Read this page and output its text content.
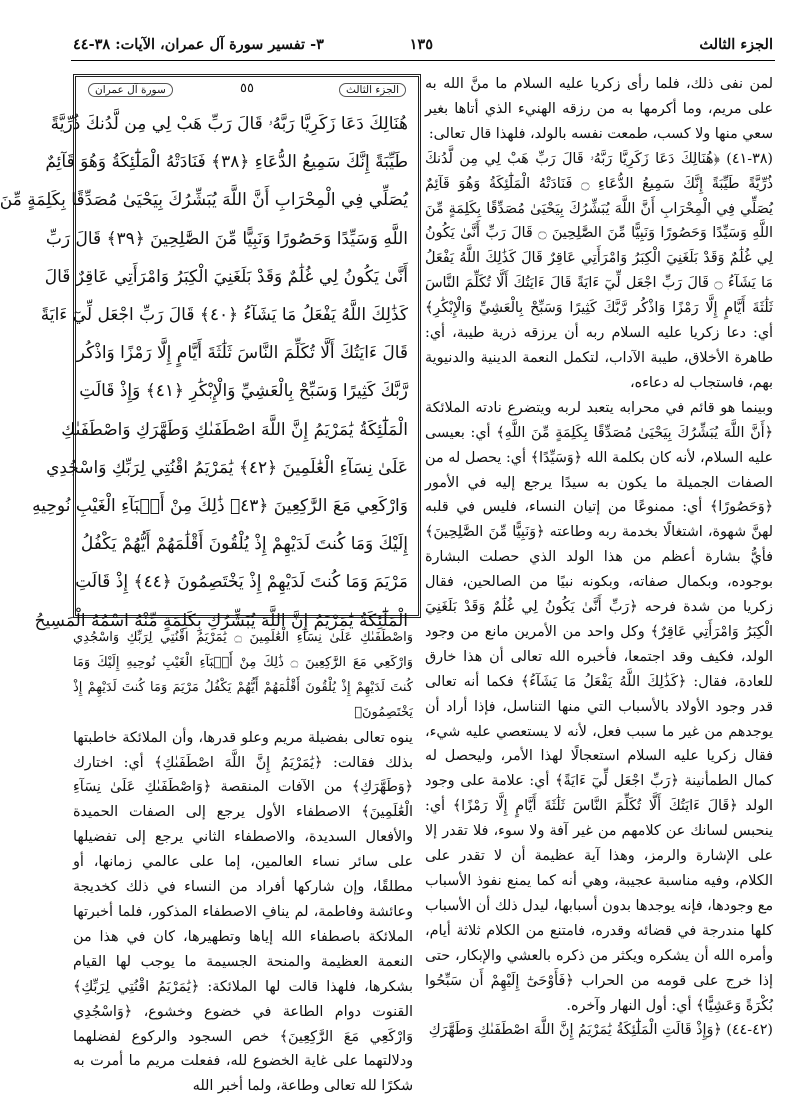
الجزء الثالث
١٣٥
٣- تفسير سورة آل عمران، الآيات: ٣٨-٤٤

لمن نفى ذلك، فلما رأى زكريا عليه السلام ما منَّ الله به على مريم، وما أكرمها به من رزقه الهنيء الذي أتاها بغير سعي منها ولا كسب، طمعت نفسه بالولد، فلهذا قال تعالى:

(٣٨-٤١) ﴿هُنَالِكَ دَعَا زَكَرِيَّا رَبَّهُۥ قَالَ رَبِّ هَبْ لِي مِن لَّدُنكَ ذُرِّيَّةً طَيِّبَةً إِنَّكَ سَمِيعُ الدُّعَاءِ ۝ فَنَادَتْهُ الْمَلَٰٓئِكَةُ وَهُوَ قَآئِمٌ يُصَلِّي فِي الْمِحْرَابِ أَنَّ اللَّهَ يُبَشِّرُكَ بِيَحْيَىٰ مُصَدِّقًا بِكَلِمَةٍ مِّنَ اللَّهِ وَسَيِّدًا وَحَصُورًا وَنَبِيًّا مِّنَ الصَّٰلِحِينَ ۝ قَالَ رَبِّ أَنَّىٰ يَكُونُ لِي غُلَٰمٌ وَقَدْ بَلَغَنِيَ الْكِبَرُ وَامْرَأَتِي عَاقِرٌ قَالَ كَذَٰلِكَ اللَّهُ يَفْعَلُ مَا يَشَآءُ ۝ قَالَ رَبِّ اجْعَل لِّيٓ ءَايَةً قَالَ ءَايَتُكَ أَلَّا تُكَلِّمَ النَّاسَ ثَلَٰثَةَ أَيَّامٍ إِلَّا رَمْزًا وَاذْكُر رَّبَّكَ كَثِيرًا وَسَبِّحْ بِالْعَشِيِّ وَالْإِبْكَٰرِ﴾ أي: دعا زكريا عليه السلام ربه أن يرزقه ذرية طيبة، أي: طاهرة الأخلاق، طيبة الآداب، لتكمل النعمة الدينية والدنيوية بهم، فاستجاب له دعاءه،

وبينما هو قائم في محرابه يتعبد لربه ويتضرع نادته الملائكة ﴿أَنَّ اللَّهَ يُبَشِّرُكَ بِيَحْيَىٰ مُصَدِّقًا بِكَلِمَةٍ مِّنَ اللَّهِ﴾ أي: بعيسى عليه السلام، لأنه كان بكلمة الله ﴿وَسَيِّدًا﴾ أي: يحصل له من الصفات الجميلة ما يكون به سيدًا يرجع إليه في الأمور ﴿وَحَصُورًا﴾ أي: ممنوعًا من إتيان النساء، فليس في قلبه لهنَّ شهوة، اشتغالًا بخدمة ربه وطاعته ﴿وَنَبِيًّا مِّنَ الصَّٰلِحِينَ﴾ فأيُّ بشارة أعظم من هذا الولد الذي حصلت البشارة بوجوده، وبكمال صفاته، وبكونه نبيًا من الصالحين، فقال زكريا من شدة فرحه ﴿رَبِّ أَنَّىٰ يَكُونُ لِي غُلَٰمٌ وَقَدْ بَلَغَنِيَ الْكِبَرُ وَامْرَأَتِي عَاقِرٌ﴾ وكل واحد من الأمرين مانع من وجود الولد، فكيف وقد اجتمعا، فأخبره الله تعالى أن هذا خارق للعادة، فقال: ﴿كَذَٰلِكَ اللَّهُ يَفْعَلُ مَا يَشَآءُ﴾ فكما أنه تعالى قدر وجود الأولاد بالأسباب التي منها التناسل، فإذا أراد أن يوجدهم من غير ما سبب فعل، لأنه لا يستعصي عليه شيء، فقال زكريا عليه السلام استعجالًا لهذا الأمر، وليحصل له كمال الطمأنينة ﴿رَبِّ اجْعَل لِّيٓ ءَايَةً﴾ أي: علامة على وجود الولد ﴿قَالَ ءَايَتُكَ أَلَّا تُكَلِّمَ النَّاسَ ثَلَٰثَةَ أَيَّامٍ إِلَّا رَمْزًا﴾ أي: ينحبس لسانك عن كلامهم من غير آفة ولا سوء، فلا تقدر إلا على الإشارة والرمز، وهذا آية عظيمة أن لا تقدر على الكلام، وفيه مناسبة عجيبة، وهي أنه كما يمنع نفوذ الأسباب مع وجودها، فإنه يوجدها بدون أسبابها، ليدل ذلك أن الأسباب كلها مندرجة في قضائه وقدره، فامتنع من الكلام ثلاثة أيام، وأمره الله أن يشكره ويكثر من ذكره بالعشي والإبكار، حتى إذا خرج على قومه من الحراب ﴿فَأَوْحَىٰٓ إِلَيْهِمْ أَن سَبِّحُوا بُكْرَةً وَعَشِيًّا﴾ أي: أول النهار وآخره.

(٤٢-٤٤) ﴿وَإِذْ قَالَتِ الْمَلَٰٓئِكَةُ يَٰمَرْيَمُ إِنَّ اللَّهَ اصْطَفَىٰكِ وَطَهَّرَكِ

الجزء الثالث
٥٥
سورة آل عمران
هُنَالِكَ دَعَا زَكَرِيَّا رَبَّهُۥ قَالَ رَبِّ هَبْ لِي مِن لَّدُنكَ ذُرِّيَّةً
طَيِّبَةً إِنَّكَ سَمِيعُ الدُّعَاءِ ﴿٣٨﴾ فَنَادَتْهُ الْمَلَٰٓئِكَةُ وَهُوَ قَآئِمٌ
يُصَلِّي فِي الْمِحْرَابِ أَنَّ اللَّهَ يُبَشِّرُكَ بِيَحْيَىٰ مُصَدِّقًا بِكَلِمَةٍ مِّنَ
اللَّهِ وَسَيِّدًا وَحَصُورًا وَنَبِيًّا مِّنَ الصَّٰلِحِينَ ﴿٣٩﴾ قَالَ رَبِّ
أَنَّىٰ يَكُونُ لِي غُلَٰمٌ وَقَدْ بَلَغَنِيَ الْكِبَرُ وَامْرَأَتِي عَاقِرٌ قَالَ
كَذَٰلِكَ اللَّهُ يَفْعَلُ مَا يَشَآءُ ﴿٤٠﴾ قَالَ رَبِّ اجْعَل لِّيٓ ءَايَةً
قَالَ ءَايَتُكَ أَلَّا تُكَلِّمَ النَّاسَ ثَلَٰثَةَ أَيَّامٍ إِلَّا رَمْزًا وَاذْكُر
رَّبَّكَ كَثِيرًا وَسَبِّحْ بِالْعَشِيِّ وَالْإِبْكَٰرِ ﴿٤١﴾ وَإِذْ قَالَتِ
الْمَلَٰٓئِكَةُ يَٰمَرْيَمُ إِنَّ اللَّهَ اصْطَفَىٰكِ وَطَهَّرَكِ وَاصْطَفَىٰكِ
عَلَىٰ نِسَآءِ الْعَٰلَمِينَ ﴿٤٢﴾ يَٰمَرْيَمُ اقْنُتِي لِرَبِّكِ وَاسْجُدِي
وَارْكَعِي مَعَ الرَّٰكِعِينَ ﴿٤٣﴾ ذَٰلِكَ مِنْ أَنۢبَآءِ الْغَيْبِ نُوحِيهِ
إِلَيْكَ وَمَا كُنتَ لَدَيْهِمْ إِذْ يُلْقُونَ أَقْلَٰمَهُمْ أَيُّهُمْ يَكْفُلُ
مَرْيَمَ وَمَا كُنتَ لَدَيْهِمْ إِذْ يَخْتَصِمُونَ ﴿٤٤﴾ إِذْ قَالَتِ
الْمَلَٰٓئِكَةُ يَٰمَرْيَمُ إِنَّ اللَّهَ يُبَشِّرُكِ بِكَلِمَةٍ مِّنْهُ اسْمُهُ الْمَسِيحُ

وَاصْطَفَىٰكِ عَلَىٰ نِسَآءِ الْعَٰلَمِينَ ۝ يَٰمَرْيَمُ اقْنُتِي لِرَبِّكِ وَاسْجُدِي وَارْكَعِي مَعَ الرَّٰكِعِينَ ۝ ذَٰلِكَ مِنْ أَنۢبَآءِ الْغَيْبِ نُوحِيهِ إِلَيْكَ وَمَا كُنتَ لَدَيْهِمْ إِذْ يُلْقُونَ أَقْلَٰمَهُمْ أَيُّهُمْ يَكْفُلُ مَرْيَمَ وَمَا كُنتَ لَدَيْهِمْ إِذْ يَخْتَصِمُونَ﴾

ينوه تعالى بفضيلة مريم وعلو قدرها، وأن الملائكة خاطبتها بذلك فقالت: ﴿يَٰمَرْيَمُ إِنَّ اللَّهَ اصْطَفَىٰكِ﴾ أي: اختارك ﴿وَطَهَّرَكِ﴾ من الآفات المنقصة ﴿وَاصْطَفَىٰكِ عَلَىٰ نِسَآءِ الْعَٰلَمِينَ﴾ الاصطفاء الأول يرجع إلى الصفات الحميدة والأفعال السديدة، والاصطفاء الثاني يرجع إلى تفضيلها على سائر نساء العالمين، إما على عالمي زمانها، أو مطلقًا، وإن شاركها أفراد من النساء في ذلك كخديجة وعائشة وفاطمة، لم ينافِ الاصطفاء المذكور، فلما أخبرتها الملائكة باصطفاء الله إياها وتطهيرها، كان في هذا من النعمة العظيمة والمنحة الجسيمة ما يوجب لها القيام بشكرها، فلهذا قالت لها الملائكة: ﴿يَٰمَرْيَمُ اقْنُتِي لِرَبِّكِ﴾ القنوت دوام الطاعة في خضوع وخشوع، ﴿وَاسْجُدِي وَارْكَعِي مَعَ الرَّٰكِعِينَ﴾ خص السجود والركوع لفضلهما ودلالتهما على غاية الخضوع لله، ففعلت مريم ما أمرت به شكرًا لله تعالى وطاعة، ولما أخبر الله
